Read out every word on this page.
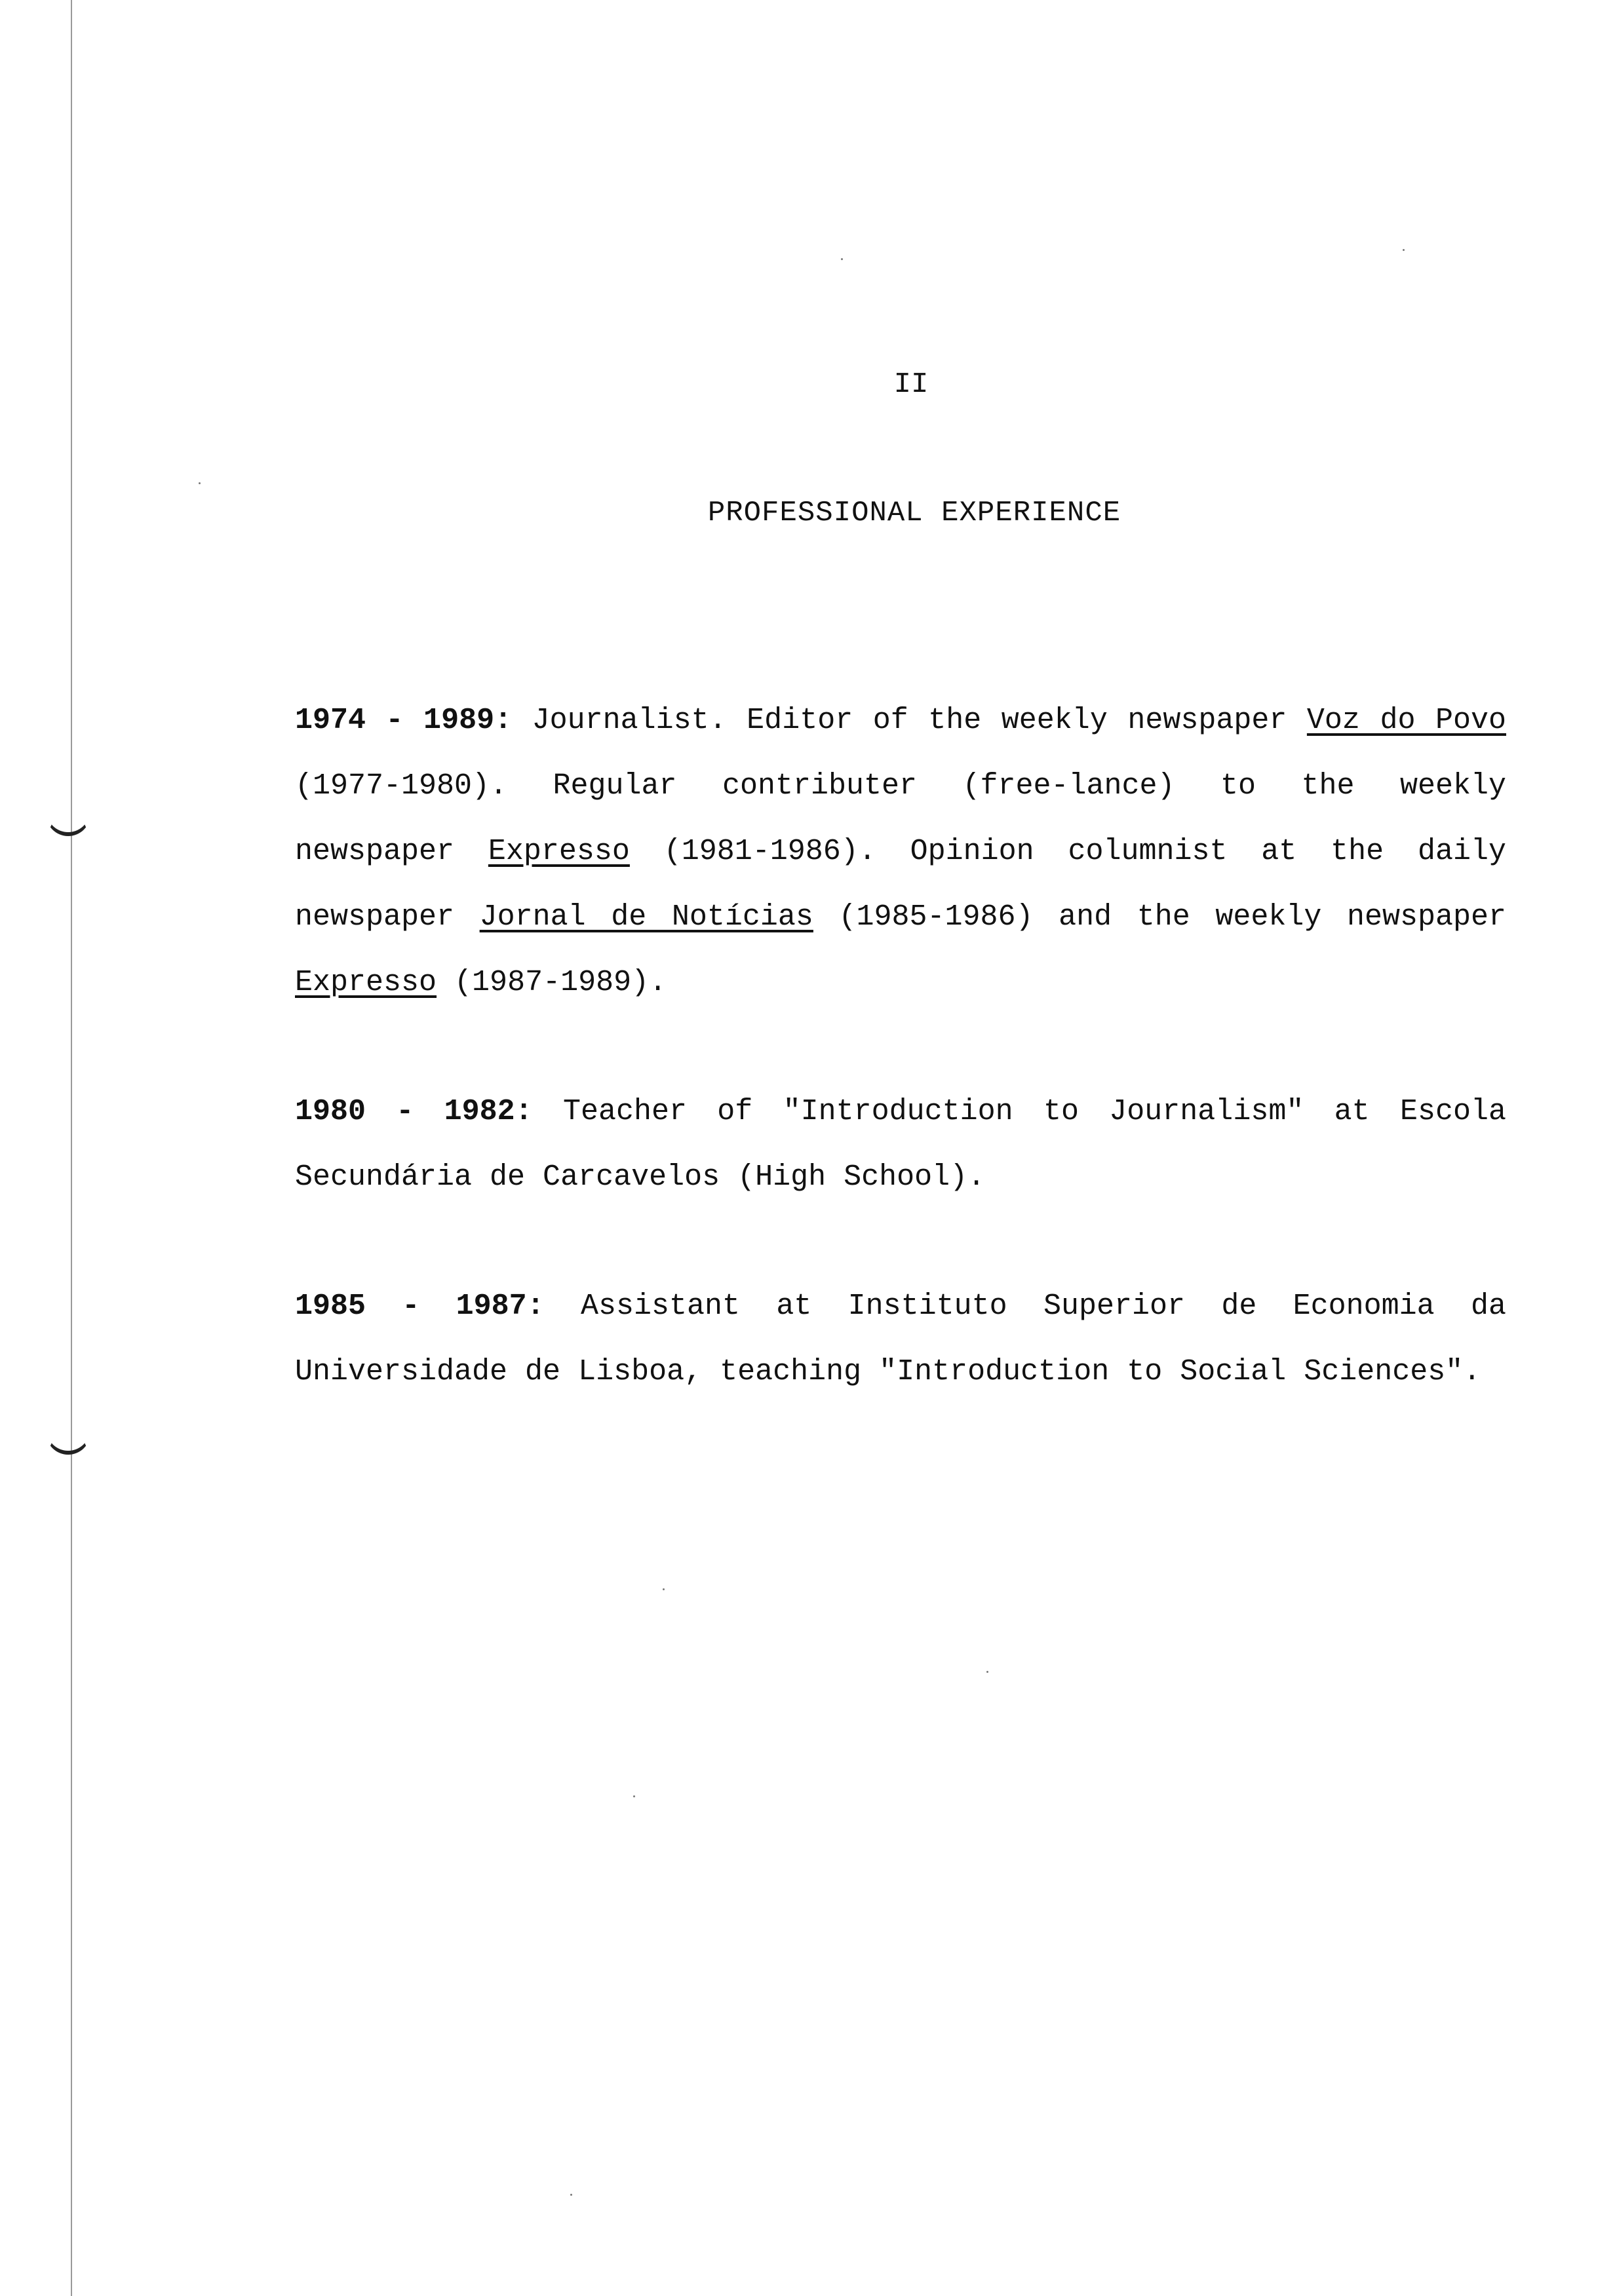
II
PROFESSIONAL EXPERIENCE

1974 - 1989: Journalist. Editor of the weekly newspaper Voz do Povo (1977-1980). Regular contributer (free-lance) to the weekly newspaper Expresso (1981-1986). Opinion columnist at the daily newspaper Jornal de Notícias (1985-1986) and the weekly newspaper Expresso (1987-1989).

1980 - 1982: Teacher of "Introduction to Journalism" at Escola Secundária de Carcavelos (High School).

1985 - 1987: Assistant at Instituto Superior de Economia da Universidade de Lisboa, teaching "Introduction to Social Sciences".
